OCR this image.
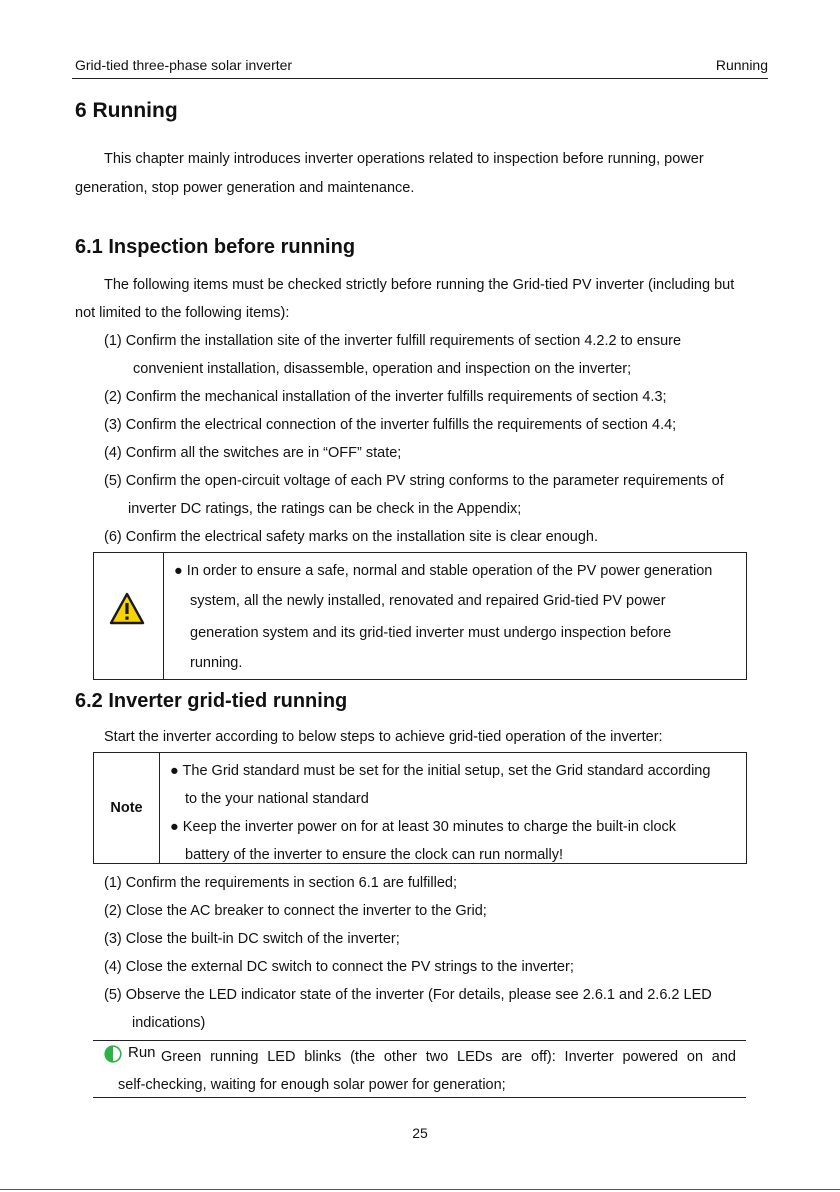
Grid-tied three-phase solar inverter	Running
6 Running
This chapter mainly introduces inverter operations related to inspection before running, power
generation, stop power generation and maintenance.
6.1 Inspection before running
The following items must be checked strictly before running the Grid-tied PV inverter (including but
not limited to the following items):
(1) Confirm the installation site of the inverter fulfill requirements of section 4.2.2 to ensure
convenient installation, disassemble, operation and inspection on the inverter;
(2) Confirm the mechanical installation of the inverter fulfills requirements of section 4.3;
(3) Confirm the electrical connection of the inverter fulfills the requirements of section 4.4;
(4) Confirm all the switches are in “OFF” state;
(5) Confirm the open-circuit voltage of each PV string conforms to the parameter requirements of
inverter DC ratings, the ratings can be check in the Appendix;
(6) Confirm the electrical safety marks on the installation site is clear enough.
● In order to ensure a safe, normal and stable operation of the PV power generation
system, all the newly installed, renovated and repaired Grid-tied PV power
generation system and its grid-tied inverter must undergo inspection before
running.
6.2 Inverter grid-tied running
Start the inverter according to below steps to achieve grid-tied operation of the inverter:
Note
● The Grid standard must be set for the initial setup, set the Grid standard according
to the your national standard
● Keep the inverter power on for at least 30 minutes to charge the built-in clock
battery of the inverter to ensure the clock can run normally!
(1) Confirm the requirements in section 6.1 are fulfilled;
(2) Close the AC breaker to connect the inverter to the Grid;
(3) Close the built-in DC switch of the inverter;
(4) Close the external DC switch to connect the PV strings to the inverter;
(5) Observe the LED indicator state of the inverter (For details, please see 2.6.1 and 2.6.2 LED
indications)
Run Green running LED blinks (the other two LEDs are off): Inverter powered on and
self-checking, waiting for enough solar power for generation;
25
